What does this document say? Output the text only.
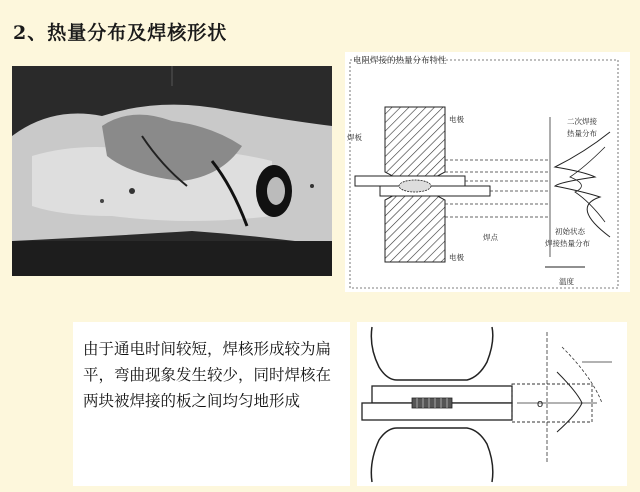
2、热量分布及焊核形状
电阻焊接的热量分布特性
电极
焊板
二次焊接
热量分布
焊点
初始状态
焊接热量分布
电极
温度
由于通电时间较短，焊核形成较为扁平，弯曲现象发生较少，同时焊核在两块被焊接的板之间均匀地形成	o
